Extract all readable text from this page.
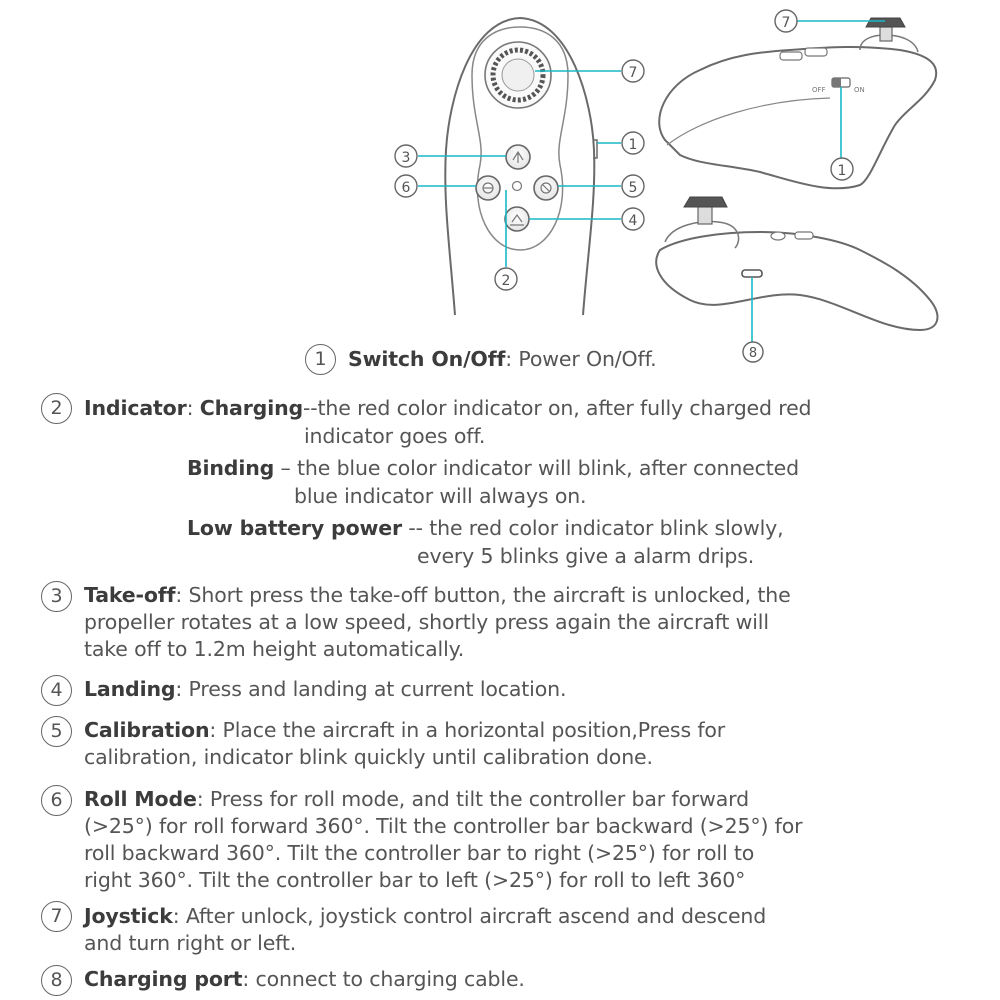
OFF	ON
7
1
3
6	5
4
2
7
1
8
1	Switch On/Off: Power On/Off.
2	Indicator: Charging--the red color indicator on, after fully charged red
indicator goes off.
Binding – the blue color indicator will blink, after connected
blue indicator will always on.
Low battery power -- the red color indicator blink slowly,
every 5 blinks give a alarm drips.
3	Take-off: Short press the take-off button, the aircraft is unlocked, the
propeller rotates at a low speed, shortly press again the aircraft will
take off to 1.2m height automatically.
4	Landing: Press and landing at current location.
5	Calibration: Place the aircraft in a horizontal position,Press for
calibration, indicator blink quickly until calibration done.
6	Roll Mode: Press for roll mode, and tilt the controller bar forward
(>25°) for roll forward 360°. Tilt the controller bar backward (>25°) for
roll backward 360°. Tilt the controller bar to right (>25°) for roll to
right 360°. Tilt the controller bar to left (>25°) for roll to left 360°
7	Joystick: After unlock, joystick control aircraft ascend and descend
and turn right or left.
8	Charging port: connect to charging cable.
